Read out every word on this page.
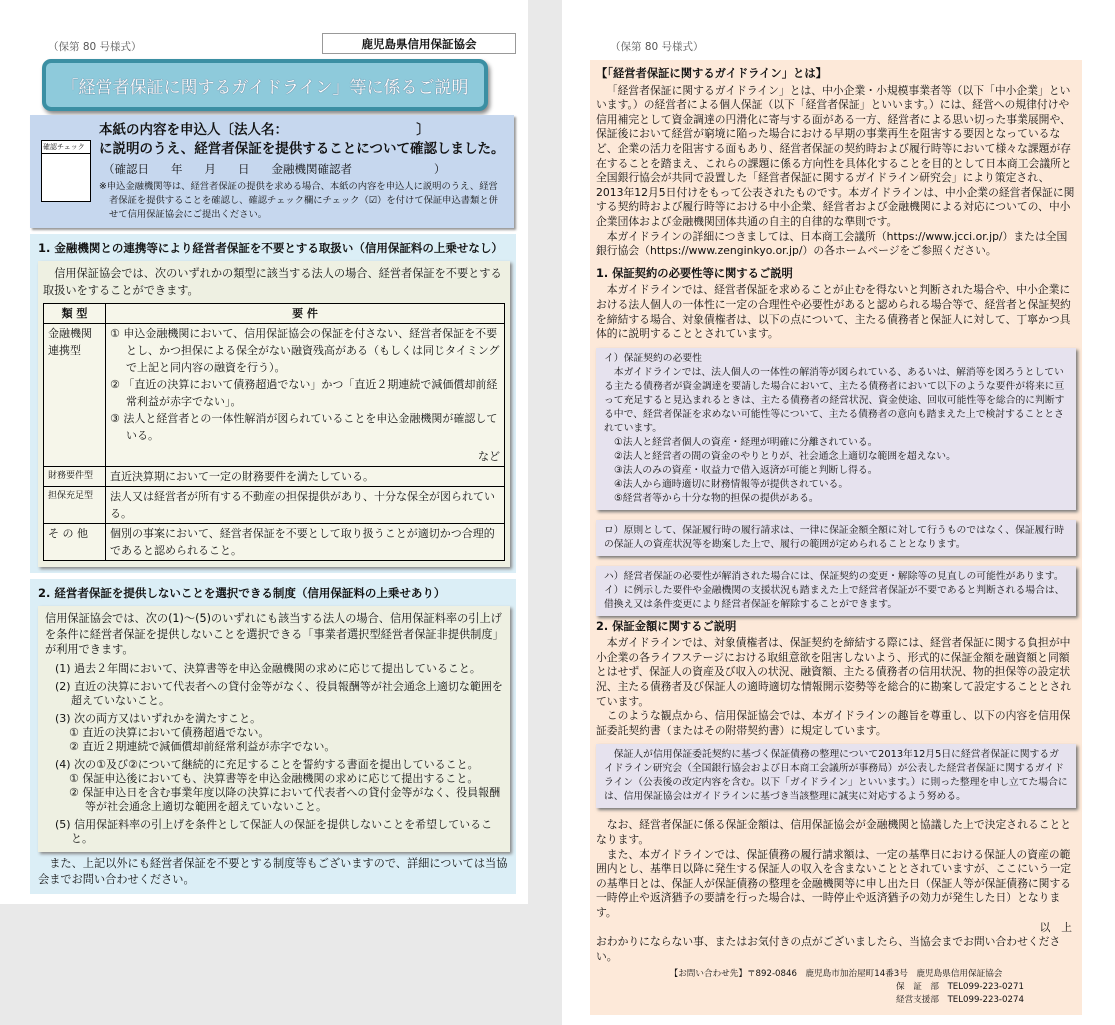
（保第 80 号様式）	鹿児島県信用保証協会
「経営者保証に関するガイドライン」等に係るご説明
確認チェック
本紙の内容を申込人〔法人名：　　　　　　　　　　〕
に説明のうえ、経営者保証を提供することについて確認しました。
（確認日 年 月 日 金融機関確認者	）
※申込金融機関等は、経営者保証の提供を求める場合、本紙の内容を申込人に説明のうえ、経営者保証を提供することを確認し、確認チェック欄にチェック（☑）を付けて保証申込書類と併せて信用保証協会にご提出ください。
1. 金融機関との連携等により経営者保証を不要とする取扱い（信用保証料の上乗せなし）

信用保証協会では、次のいずれかの類型に該当する法人の場合、経営者保証を不要とする取扱いをすることができます。

類 型	要 件
金融機関連携型	① 申込金融機関において、信用保証協会の保証を付さない、経営者保証を不要とし、かつ担保による保全がない融資残高がある（もしくは同じタイミングで上記と同内容の融資を行う）。
② 「直近の決算において債務超過でない」かつ「直近２期連続で減価償却前経常利益が赤字でない」。
③ 法人と経営者との一体性解消が図られていることを申込金融機関が確認している。
など

財務要件型	直近決算期において一定の財務要件を満たしている。

担保充足型	法人又は経営者が所有する不動産の担保提供があり、十分な保全が図られている。

そ の 他	個別の事案において、経営者保証を不要として取り扱うことが適切かつ合理的であると認められること。
2. 経営者保証を提供しないことを選択できる制度（信用保証料の上乗せあり）

信用保証協会では、次の(1)～(5)のいずれにも該当する法人の場合、信用保証料率の引上げを条件に経営者保証を提供しないことを選択できる「事業者選択型経営者保証非提供制度」が利用できます。

(1) 過去２年間において、決算書等を申込金融機関の求めに応じて提出していること。
(2) 直近の決算において代表者への貸付金等がなく、役員報酬等が社会通念上適切な範囲を超えていないこと。
(3) 次の両方又はいずれかを満たすこと。
① 直近の決算において債務超過でない。
② 直近２期連続で減価償却前経常利益が赤字でない。
(4) 次の①及び②について継続的に充足することを誓約する書面を提出していること。
① 保証申込後においても、決算書等を申込金融機関の求めに応じて提出すること。
② 保証申込日を含む事業年度以降の決算において代表者への貸付金等がなく、役員報酬等が社会通念上適切な範囲を超えていないこと。
(5) 信用保証料率の引上げを条件として保証人の保証を提供しないことを希望していること。

また、上記以外にも経営者保証を不要とする制度等もございますので、詳細については当協会までお問い合わせください。

（保第 80 号様式）
【「経営者保証に関するガイドライン」とは】

「経営者保証に関するガイドライン」とは、中小企業・小規模事業者等（以下「中小企業」といいます。）の経営者による個人保証（以下「経営者保証」といいます。）には、経営への規律付けや信用補完として資金調達の円滑化に寄与する面がある一方、経営者による思い切った事業展開や、保証後において経営が窮境に陥った場合における早期の事業再生を阻害する要因となっているなど、企業の活力を阻害する面もあり、経営者保証の契約時および履行時等において様々な課題が存在することを踏まえ、これらの課題に係る方向性を具体化することを目的として日本商工会議所と全国銀行協会が共同で設置した「経営者保証に関するガイドライン研究会」により策定され、2013年12月5日付けをもって公表されたものです。本ガイドラインは、中小企業の経営者保証に関する契約時および履行時等における中小企業、経営者および金融機関による対応についての、中小企業団体および金融機関団体共通の自主的自律的な準則です。

本ガイドラインの詳細につきましては、日本商工会議所（https://www.jcci.or.jp/）または全国銀行協会（https://www.zenginkyo.or.jp/）の各ホームページをご参照ください。

1. 保証契約の必要性等に関するご説明

本ガイドラインでは、経営者保証を求めることが止むを得ないと判断された場合や、中小企業における法人個人の一体性に一定の合理性や必要性があると認められる場合等で、経営者と保証契約を締結する場合、対象債権者は、以下の点について、主たる債務者と保証人に対して、丁寧かつ具体的に説明することとされています。

イ）保証契約の必要性

本ガイドラインでは、法人個人の一体性の解消等が図られている、あるいは、解消等を図ろうとしている主たる債務者が資金調達を要請した場合において、主たる債務者において以下のような要件が将来に亘って充足すると見込まれるときは、主たる債務者の経営状況、資金使途、回収可能性等を総合的に判断する中で、経営者保証を求めない可能性等について、主たる債務者の意向も踏まえた上で検討することとされています。

①法人と経営者個人の資産・経理が明確に分離されている。
②法人と経営者の間の資金のやりとりが、社会通念上適切な範囲を超えない。
③法人のみの資産・収益力で借入返済が可能と判断し得る。
④法人から適時適切に財務情報等が提供されている。
⑤経営者等から十分な物的担保の提供がある。
ロ）原則として、保証履行時の履行請求は、一律に保証金額全額に対して行うものではなく、保証履行時の保証人の資産状況等を勘案した上で、履行の範囲が定められることとなります。
ハ）経営者保証の必要性が解消された場合には、保証契約の変更・解除等の見直しの可能性があります。イ）に例示した要件や金融機関の支援状況も踏まえた上で経営者保証が不要であると判断される場合は、借換え又は条件変更により経営者保証を解除することができます。
2. 保証金額に関するご説明

本ガイドラインでは、対象債権者は、保証契約を締結する際には、経営者保証に関する負担が中小企業の各ライフステージにおける取組意欲を阻害しないよう、形式的に保証金額を融資額と同額とはせず、保証人の資産及び収入の状況、融資額、主たる債務者の信用状況、物的担保等の設定状況、主たる債務者及び保証人の適時適切な情報開示姿勢等を総合的に勘案して設定することとされています。

このような観点から、信用保証協会では、本ガイドラインの趣旨を尊重し、以下の内容を信用保証委託契約書（またはその附帯契約書）に規定しています。

保証人が信用保証委託契約に基づく保証債務の整理について2013年12月5日に経営者保証に関するガイドライン研究会（全国銀行協会および日本商工会議所が事務局）が公表した経営者保証に関するガイドライン（公表後の改定内容を含む。以下「ガイドライン」といいます。）に則った整理を申し立てた場合には、信用保証協会はガイドラインに基づき当該整理に誠実に対応するよう努める。

なお、経営者保証に係る保証金額は、信用保証協会が金融機関と協議した上で決定されることとなります。

また、本ガイドラインでは、保証債務の履行請求額は、一定の基準日における保証人の資産の範囲内とし、基準日以降に発生する保証人の収入を含まないこととされていますが、ここにいう一定の基準日とは、保証人が保証債務の整理を金融機関等に申し出た日（保証人等が保証債務に関する一時停止や返済猶予の要請を行った場合は、一時停止や返済猶予の効力が発生した日）となります。

以　上

おわかりにならない事、またはお気付きの点がございましたら、当協会までお問い合わせください。

【お問い合わせ先】〒892-0846　鹿児島市加治屋町14番3号　鹿児島県信用保証協会
保　証　部　TEL099-223-0271
経営支援部　TEL099-223-0274
